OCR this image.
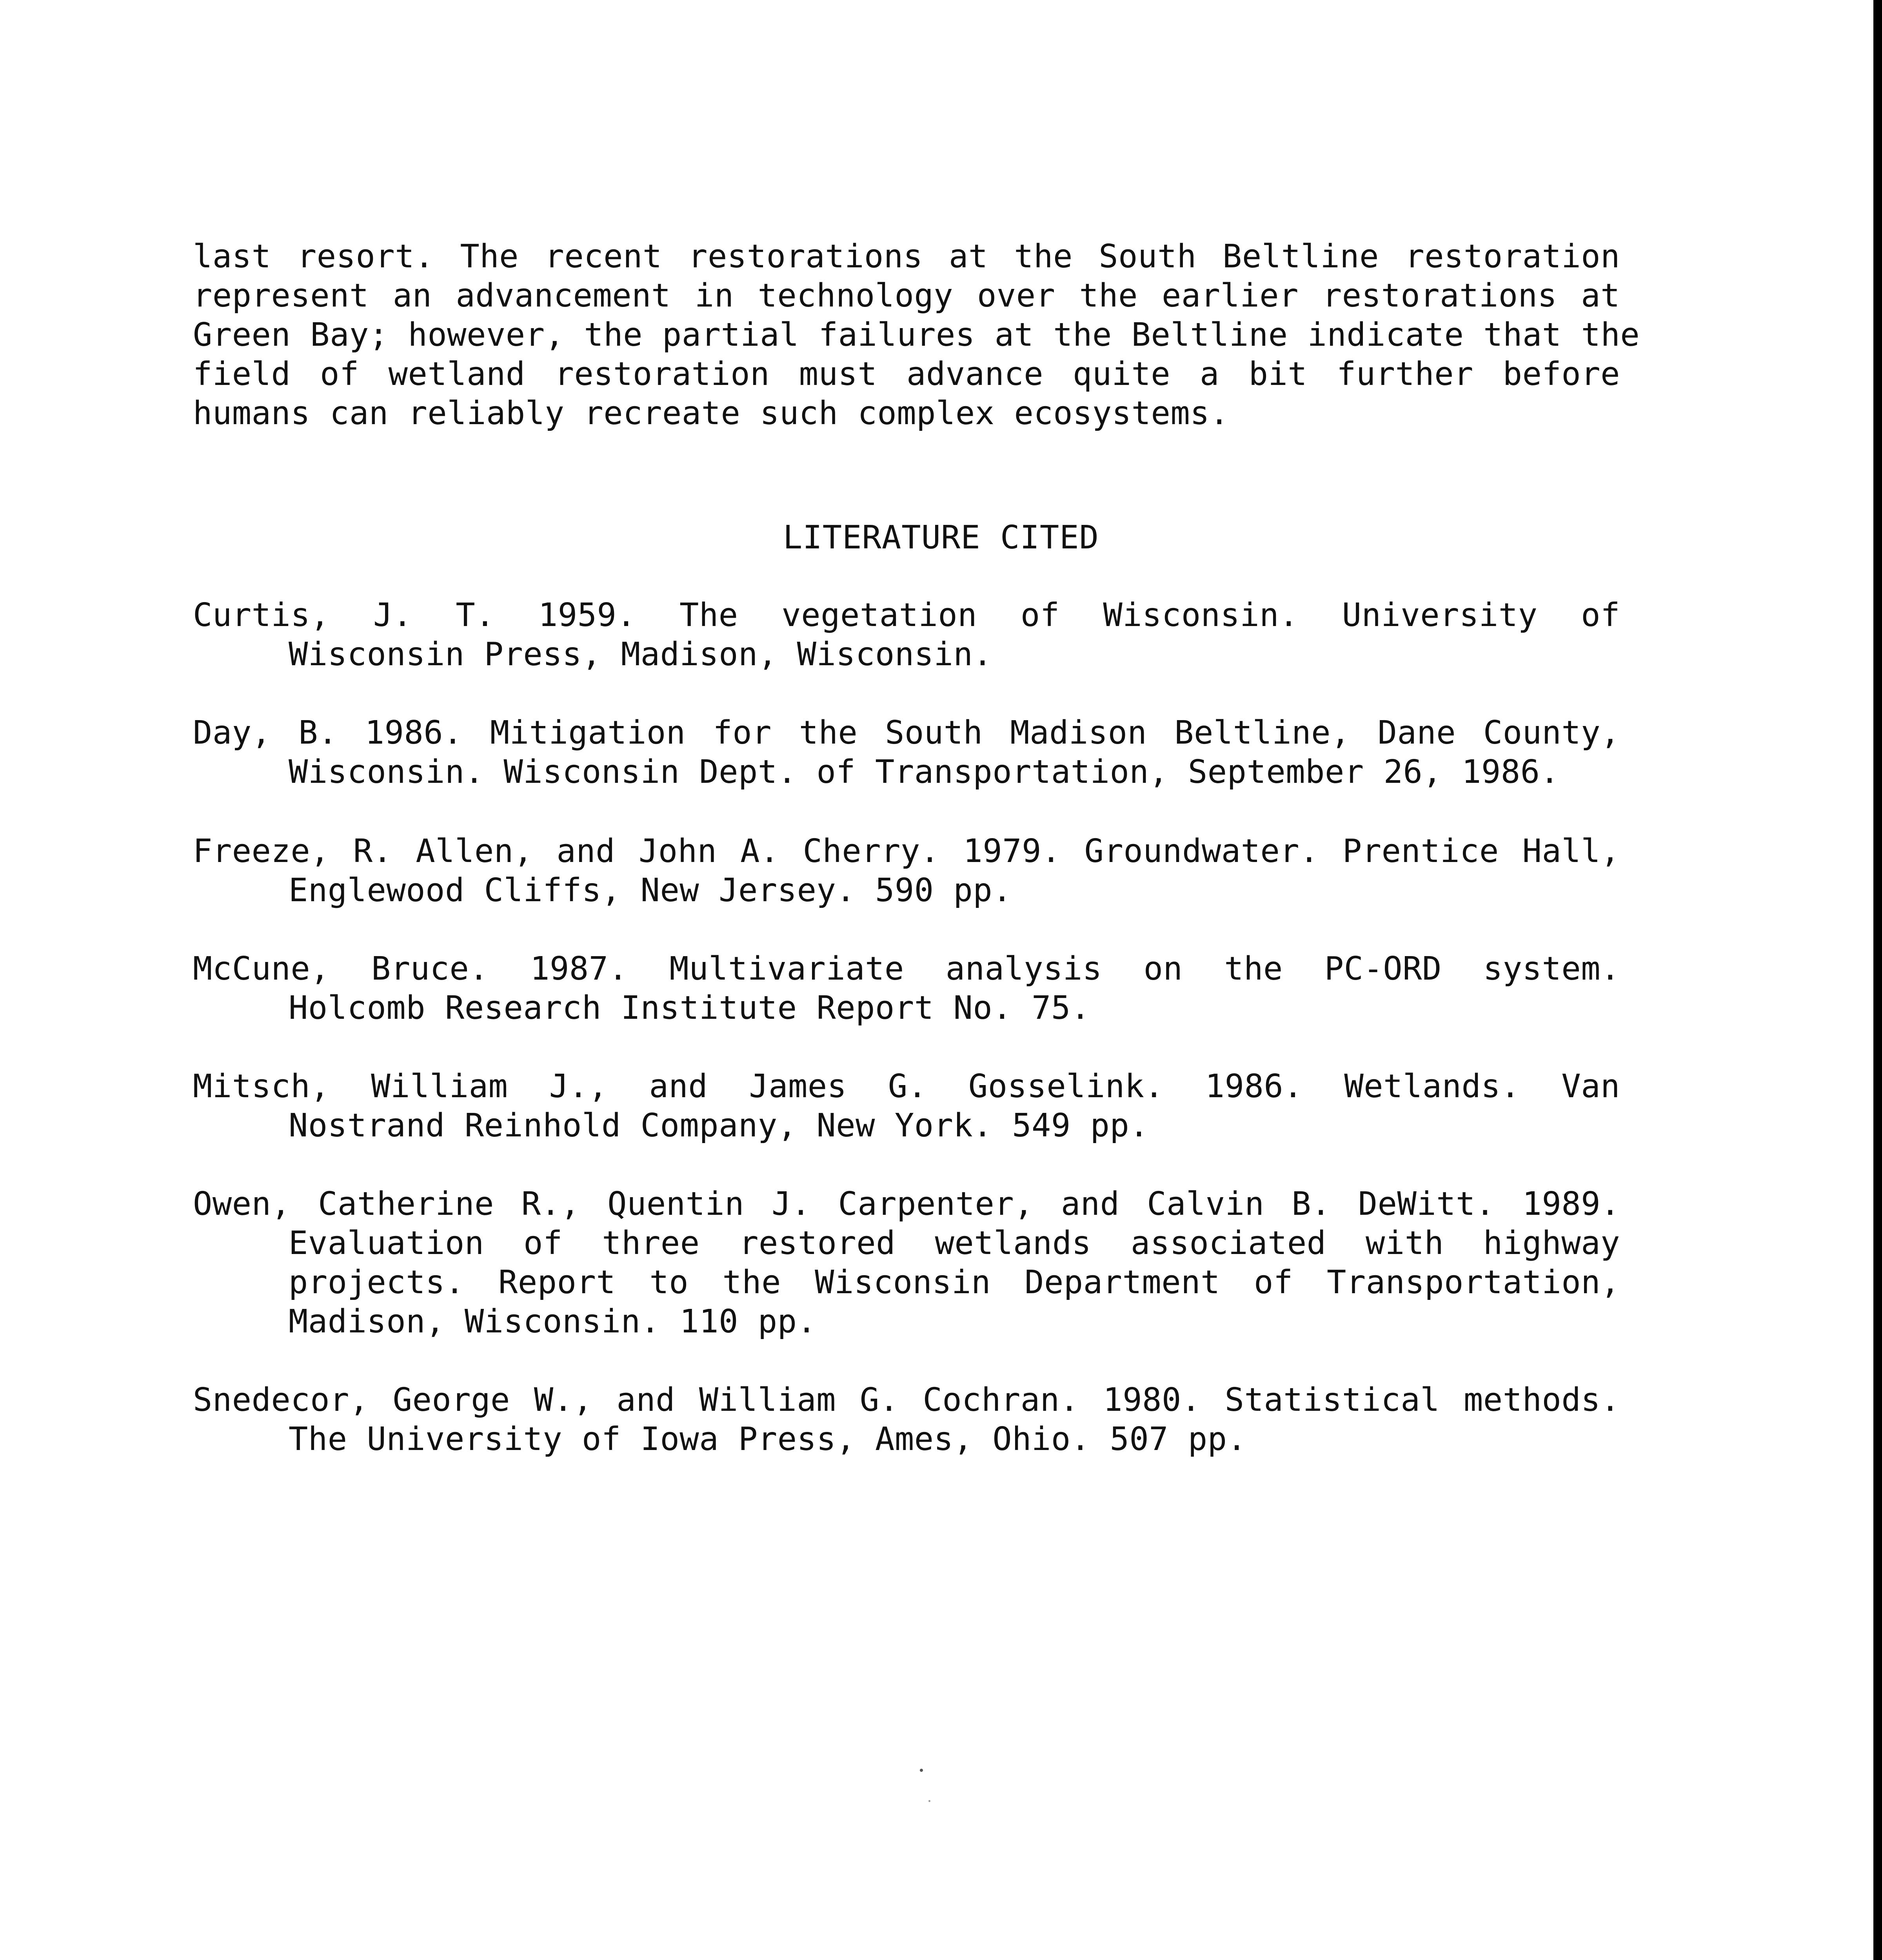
last resort. The recent restorations at the South Beltline restoration
represent an advancement in technology over the earlier restorations at
Green Bay; however, the partial failures at the Beltline indicate that the
field of wetland restoration must advance quite a bit further before
humans can reliably recreate such complex ecosystems.
LITERATURE CITED
Curtis, J. T. 1959. The vegetation of Wisconsin. University of
Wisconsin Press, Madison, Wisconsin.
Day, B. 1986. Mitigation for the South Madison Beltline, Dane County,
Wisconsin. Wisconsin Dept. of Transportation, September 26, 1986.
Freeze, R. Allen, and John A. Cherry. 1979. Groundwater. Prentice Hall,
Englewood Cliffs, New Jersey. 590 pp.
McCune, Bruce. 1987. Multivariate analysis on the PC-ORD system.
Holcomb Research Institute Report No. 75.
Mitsch, William J., and James G. Gosselink. 1986. Wetlands. Van
Nostrand Reinhold Company, New York. 549 pp.
Owen, Catherine R., Quentin J. Carpenter, and Calvin B. DeWitt. 1989.
Evaluation of three restored wetlands associated with highway
projects. Report to the Wisconsin Department of Transportation,
Madison, Wisconsin. 110 pp.
Snedecor, George W., and William G. Cochran. 1980. Statistical methods.
The University of Iowa Press, Ames, Ohio. 507 pp.
